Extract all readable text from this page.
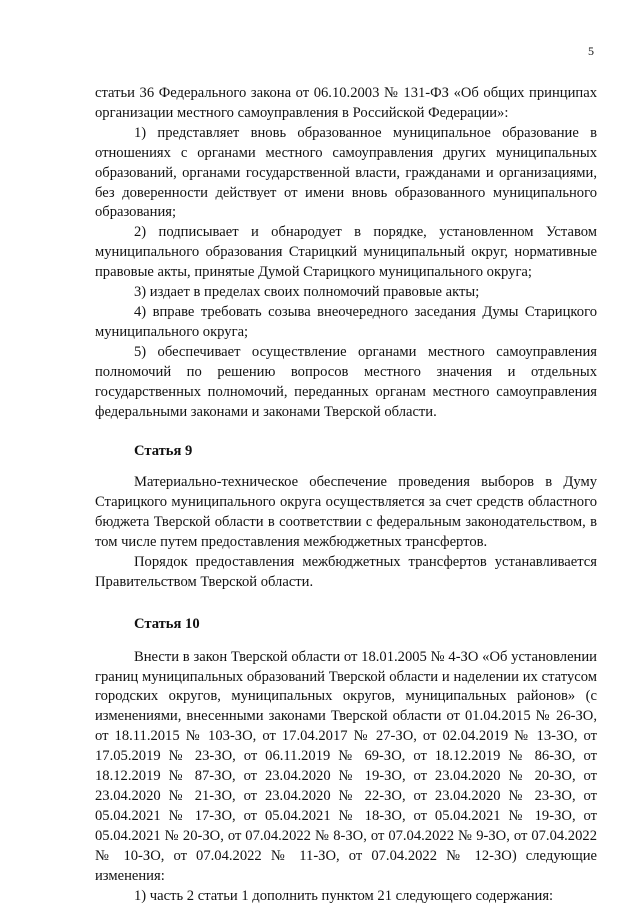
5

статьи 36 Федерального закона от 06.10.2003 № 131-ФЗ «Об общих принципах организации местного самоуправления в Российской Федерации»:

1) представляет вновь образованное муниципальное образование в отношениях с органами местного самоуправления других муниципальных образований, органами государственной власти, гражданами и организациями, без доверенности действует от имени вновь образованного муниципального образования;

2) подписывает и обнародует в порядке, установленном Уставом муниципального образования Старицкий муниципальный округ, нормативные правовые акты, принятые Думой Старицкого муниципального округа;

3) издает в пределах своих полномочий правовые акты;

4) вправе требовать созыва внеочередного заседания Думы Старицкого муниципального округа;

5) обеспечивает осуществление органами местного самоуправления полномочий по решению вопросов местного значения и отдельных государственных полномочий, переданных органам местного самоуправления федеральными законами и законами Тверской области.

Статья 9

Материально-техническое обеспечение проведения выборов в Думу Старицкого муниципального округа осуществляется за счет средств областного бюджета Тверской области в соответствии с федеральным законодательством, в том числе путем предоставления межбюджетных трансфертов.

Порядок предоставления межбюджетных трансфертов устанавливается Правительством Тверской области.

Статья 10

Внести в закон Тверской области от 18.01.2005 № 4-ЗО «Об установлении границ муниципальных образований Тверской области и наделении их статусом городских округов, муниципальных округов, муниципальных районов» (с изменениями, внесенными законами Тверской области от 01.04.2015 № 26-ЗО, от 18.11.2015 № 103-ЗО, от 17.04.2017 № 27-ЗО, от 02.04.2019 № 13-ЗО, от 17.05.2019 № 23-ЗО, от 06.11.2019 № 69-ЗО, от 18.12.2019 № 86-ЗО, от 18.12.2019 № 87-ЗО, от 23.04.2020 № 19-ЗО, от 23.04.2020 № 20-ЗО, от 23.04.2020 № 21-ЗО, от 23.04.2020 № 22-ЗО, от 23.04.2020 № 23-ЗО, от 05.04.2021 № 17-ЗО, от 05.04.2021 № 18-ЗО, от 05.04.2021 № 19-ЗО, от 05.04.2021 № 20-ЗО, от 07.04.2022 № 8-ЗО, от 07.04.2022 № 9-ЗО, от 07.04.2022 № 10-ЗО, от 07.04.2022 № 11-ЗО, от 07.04.2022 № 12-ЗО) следующие изменения:

1) часть 2 статьи 1 дополнить пунктом 21 следующего содержания:
